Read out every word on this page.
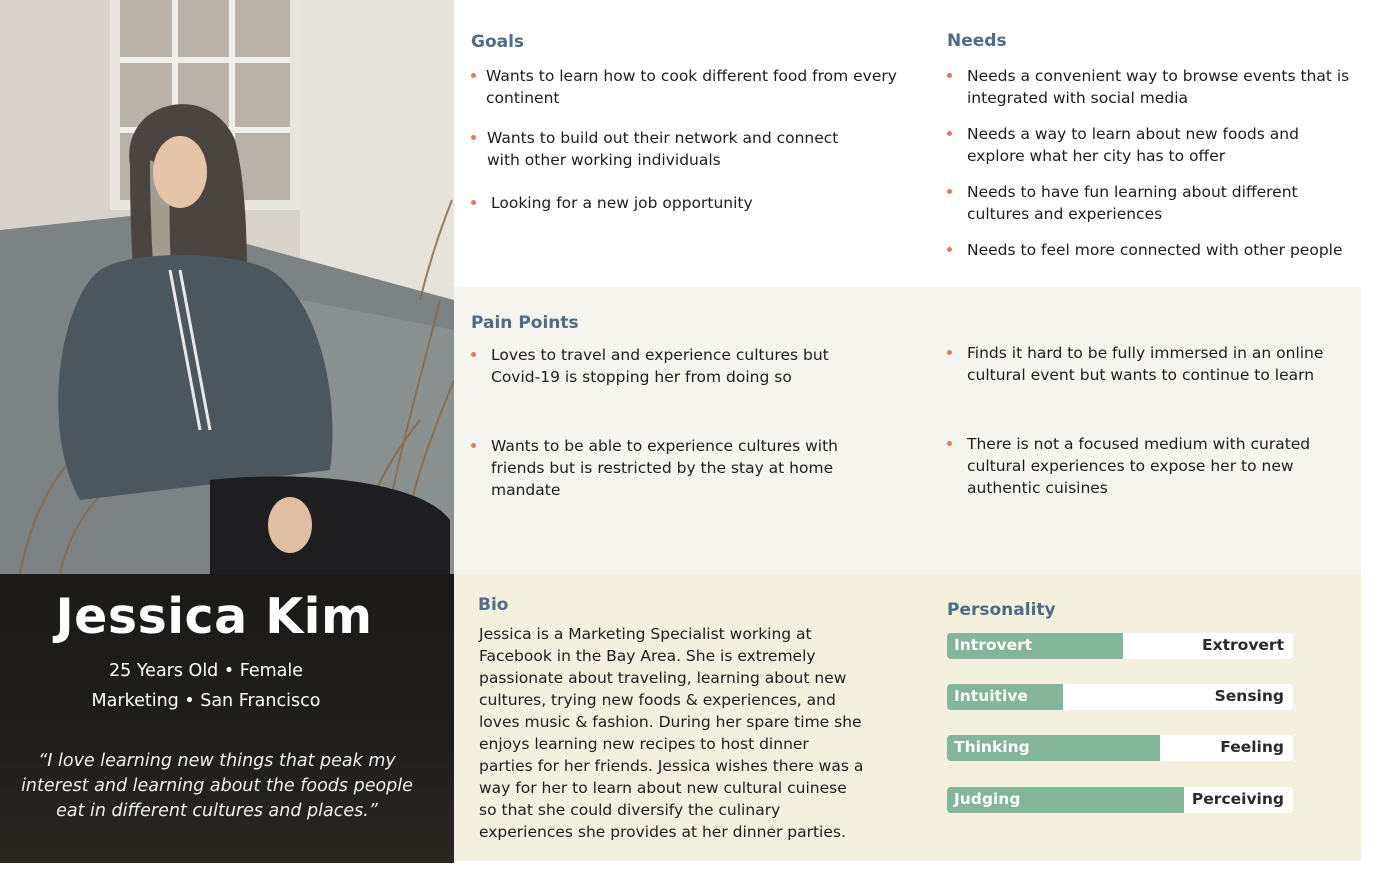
Jessica Kim
25 Years Old • Female
Marketing • San Francisco
“I love learning new things that peak my interest and learning about the foods people eat in different cultures and places.”
Goals
Wants to learn how to cook different food from every continent
Wants to build out their network and connect with other working individuals
Looking for a new job opportunity
Needs
Needs a convenient way to browse events that is integrated with social media
Needs a way to learn about new foods and explore what her city has to offer
Needs to have fun learning about different cultures and experiences
Needs to feel more connected with other people
Pain Points
Loves to travel and experience cultures but Covid-19 is stopping her from doing so
Wants to be able to experience cultures with friends but is restricted by the stay at home mandate
Finds it hard to be fully immersed in an online cultural event but wants to continue to learn
There is not a focused medium with curated cultural experiences to expose her to new authentic cuisines
Bio
Jessica is a Marketing Specialist working at Facebook in the Bay Area. She is extremely passionate about traveling, learning about new cultures, trying new foods & experiences, and loves music & fashion. During her spare time she enjoys learning new recipes to host dinner parties for her friends. Jessica wishes there was a way for her to learn about new cultural cuinese so that she could diversify the culinary experiences she provides at her dinner parties.
Personality
Introvert	Extrovert
Intuitive	Sensing
Thinking	Feeling
Judging	Perceiving
